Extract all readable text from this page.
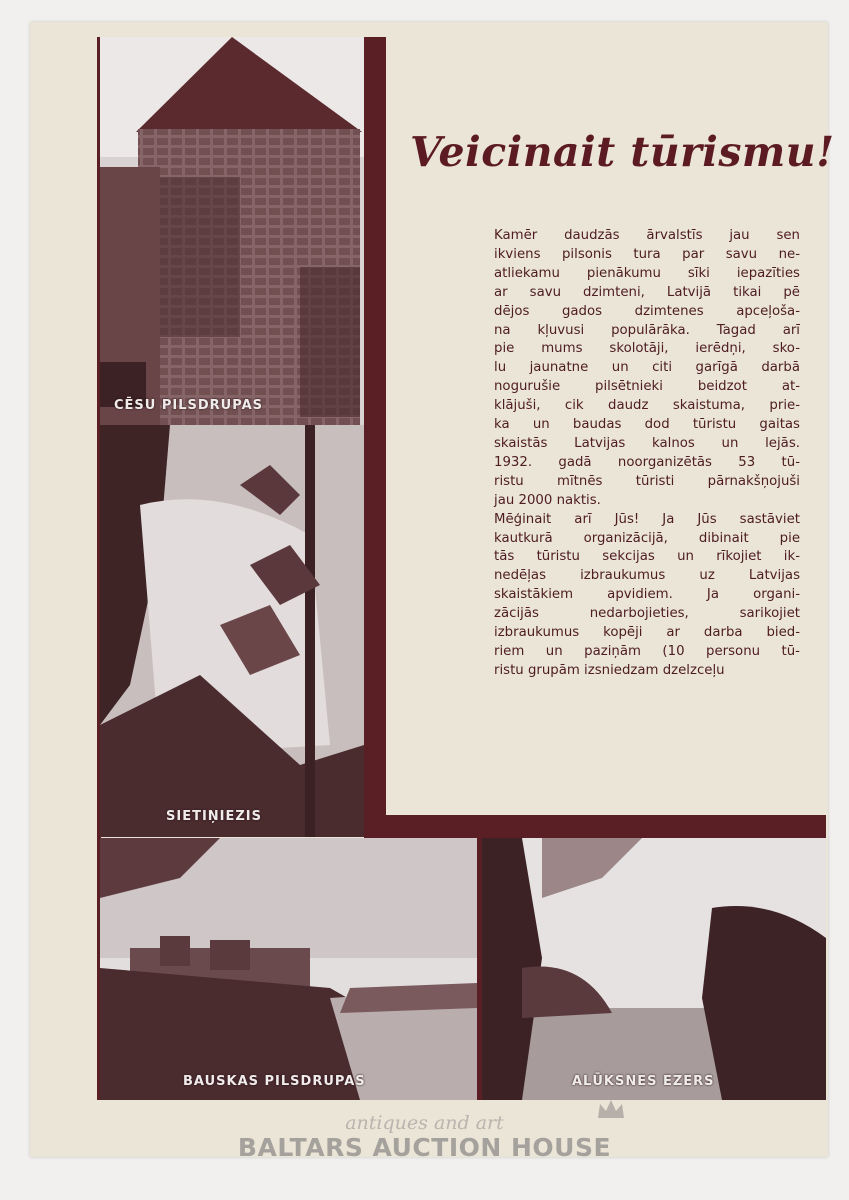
CĒSU PILSDRUPAS
SIETIŅIEZIS
BAUSKAS PILSDRUPAS	ALŪKSNES EZERS
Veicinait tūrismu!
Kamēr daudzās ārvalstīs jau sen
ikviens pilsonis tura par savu ne-
atliekamu pienākumu sīki iepazīties
ar savu dzimteni, Latvijā tikai pē
dējos gados dzimtenes apceļoša-
na kļuvusi populārāka. Tagad arī
pie mums skolotāji, ierēdņi, sko-
lu jaunatne un citi garīgā darbā
nogurušie pilsētnieki beidzot at-
klājuši, cik daudz skaistuma, prie-
ka un baudas dod tūristu gaitas
skaistās Latvijas kalnos un lejās.
1932. gadā noorganizētās 53 tū-
ristu mītnēs tūristi pārnakšņojuši
jau 2000 naktis.
Mēģinait arī Jūs! Ja Jūs sastāviet
kautkurā organizācijā, dibinait pie
tās tūristu sekcijas un rīkojiet ik-
nedēļas izbraukumus uz Latvijas
skaistākiem apvidiem. Ja organi-
zācijās nedarbojieties, sarikojiet
izbraukumus kopēji ar darba bied-
riem un paziņām (10 personu tū-
ristu grupām izsniedzam dzelzceļu
antiques and art
BALTARS AUCTION HOUSE
